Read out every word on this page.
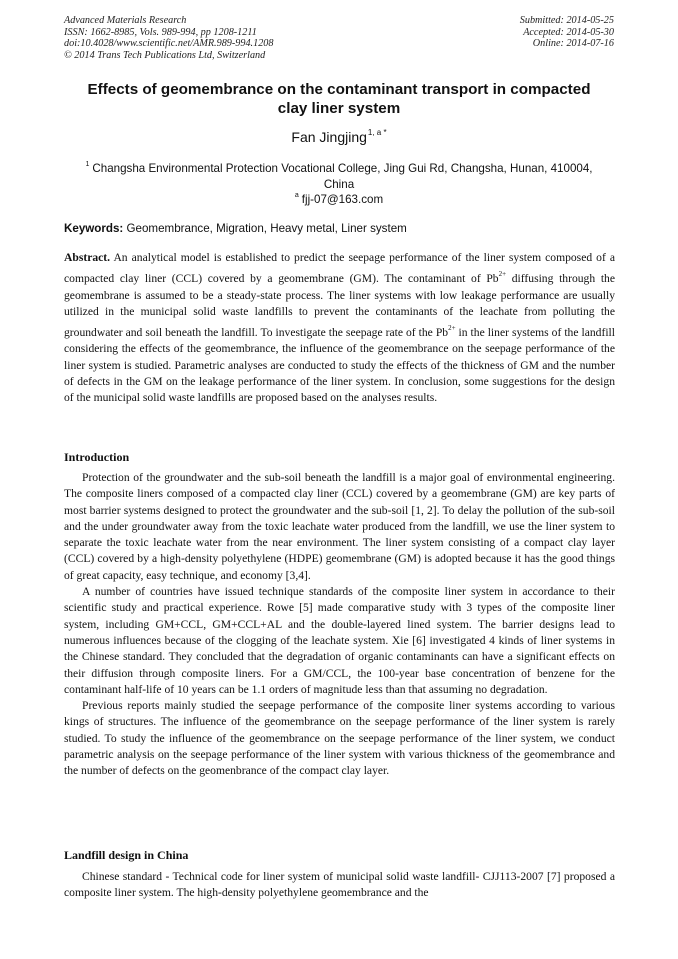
Advanced Materials Research
ISSN: 1662-8985, Vols. 989-994, pp 1208-1211
doi:10.4028/www.scientific.net/AMR.989-994.1208
© 2014 Trans Tech Publications Ltd, Switzerland
Submitted: 2014-05-25
Accepted: 2014-05-30
Online: 2014-07-16
Effects of geomembrance on the contaminant transport in compacted
clay liner system
Fan Jingjing$^{1, a *}$
$^1$ Changsha Environmental Protection Vocational College, Jing Gui Rd, Changsha, Hunan, 410004,
China
$^a$ fjj-07@163.com
Keywords: Geomembrance, Migration, Heavy metal, Liner system

Abstract. An analytical model is established to predict the seepage performance of the liner system composed of a compacted clay liner (CCL) covered by a geomembrane (GM). The contaminant of $Pb^{2+}$ diffusing through the geomembrane is assumed to be a steady-state process. The liner systems with low leakage performance are usually utilized in the municipal solid waste landfills to prevent the contaminants of the leachate from polluting the groundwater and soil beneath the landfill. To investigate the seepage rate of the $Pb^{2+}$ in the liner systems of the landfill considering the effects of the geomembrance, the influence of the geomembrance on the seepage performance of the liner system is studied. Parametric analyses are conducted to study the effects of the thickness of GM and the number of defects in the GM on the leakage performance of the liner system. In conclusion, some suggestions for the design of the municipal solid waste landfills are proposed based on the analyses results.

Introduction

Protection of the groundwater and the sub-soil beneath the landfill is a major goal of environmental engineering. The composite liners composed of a compacted clay liner (CCL) covered by a geomembrane (GM) are key parts of most barrier systems designed to protect the groundwater and the sub-soil [1, 2]. To delay the pollution of the sub-soil and the under groundwater away from the toxic leachate water produced from the landfill, we use the liner system to separate the toxic leachate water from the near environment. The liner system consisting of a compact clay layer (CCL) covered by a high-density polyethylene (HDPE) geomembrane (GM) is adopted because it has the good things of great capacity, easy technique, and economy [3,4].

A number of countries have issued technique standards of the composite liner system in accordance to their scientific study and practical experience. Rowe [5] made comparative study with 3 types of the composite liner system, including GM+CCL, GM+CCL+AL and the double-layered lined system. The barrier designs lead to numerous influences because of the clogging of the leachate system. Xie [6] investigated 4 kinds of liner systems in the Chinese standard. They concluded that the degradation of organic contaminants can have a significant effects on their diffusion through composite liners. For a GM/CCL, the 100-year base concentration of benzene for the contaminant half-life of 10 years can be 1.1 orders of magnitude less than that assuming no degradation.

Previous reports mainly studied the seepage performance of the composite liner systems according to various kings of structures. The influence of the geomembrance on the seepage performance of the liner system is rarely studied. To study the influence of the geomembrance on the seepage performance of the liner system, we conduct parametric analysis on the seepage performance of the liner system with various thickness of the geomembrance and the number of defects on the geomenbrance of the compact clay layer.

Landfill design in China

Chinese standard - Technical code for liner system of municipal solid waste landfill- CJJ113-2007 [7] proposed a composite liner system. The high-density polyethylene geomembrance and the
